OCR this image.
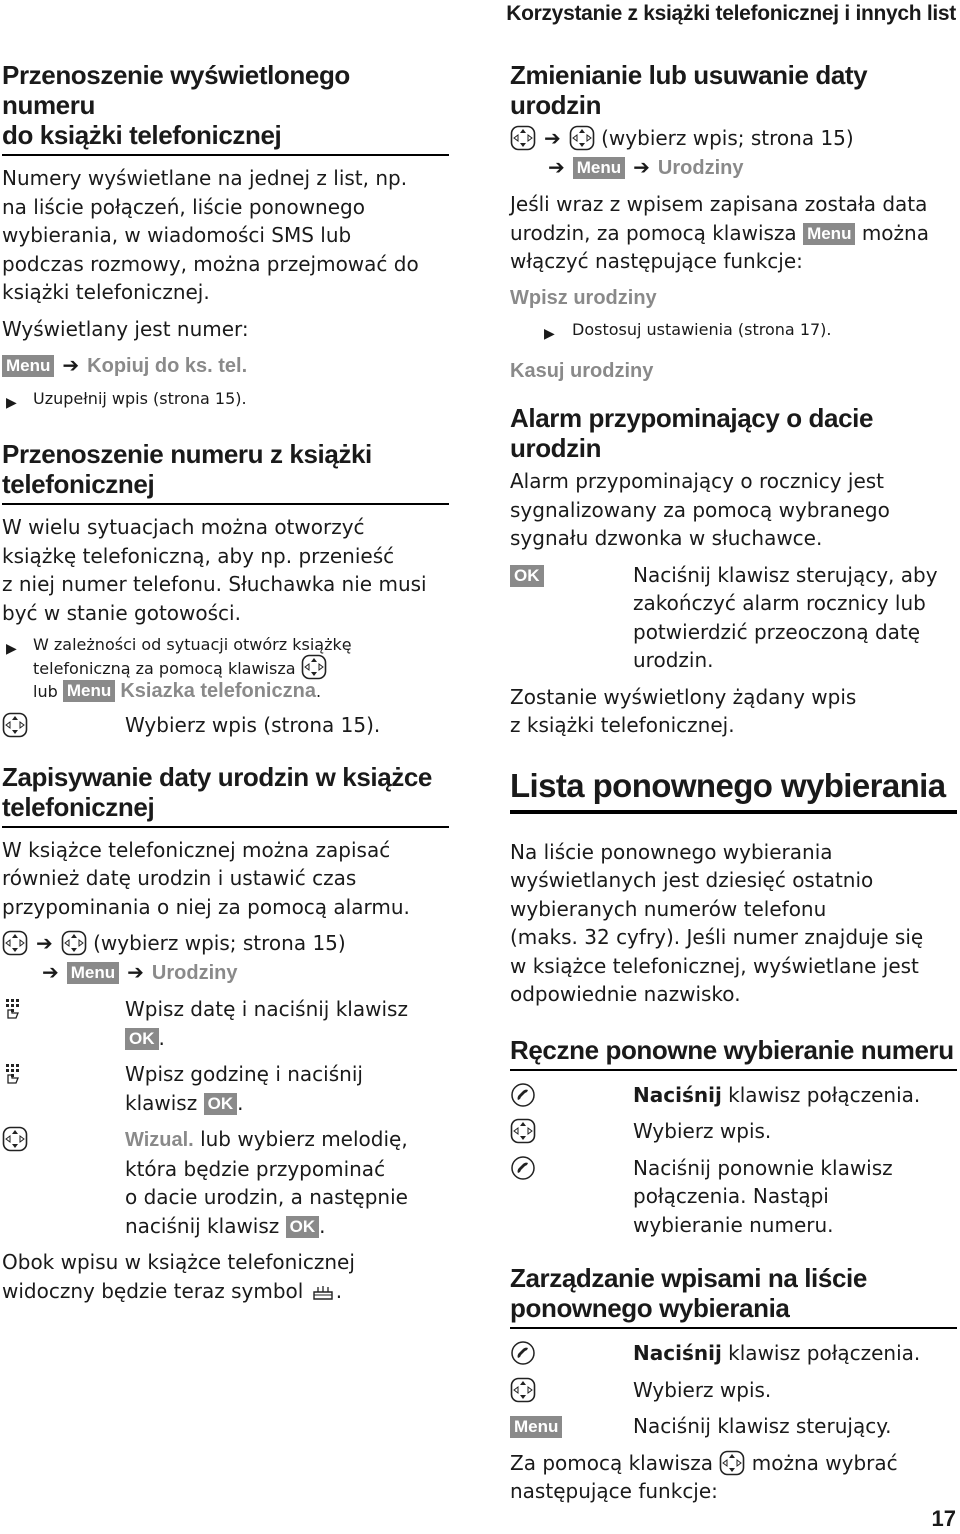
Korzystanie z książki telefonicznej i innych list
Przenoszenie wyświetlonego numeru
do książki telefonicznej

Numery wyświetlane na jednej z list, np.
na liście połączeń, liście ponownego
wybierania, w wiadomości SMS lub
podczas rozmowy, można przejmować do
książki telefonicznej.

Wyświetlany jest numer:

Menu ➔ Kopiuj do ks. tel.

▶	Uzupełnij wpis (strona 15).
Przenoszenie numeru z książki
telefonicznej

W wielu sytuacjach można otworzyć
książkę telefoniczną, aby np. przenieść
z niej numer telefonu. Słuchawka nie musi
być w stanie gotowości.

▶	W zależności od sytuacji otwórz książkę
telefoniczną za pomocą klawisza
lub Menu Ksiazka telefoniczna.
Wybierz wpis (strona 15).
Zapisywanie daty urodzin w książce
telefonicznej

W książce telefonicznej można zapisać
również datę urodzin i ustawić czas
przypominania o niej za pomocą alarmu.

➔ (wybierz wpis; strona 15)
➔ Menu ➔ Urodziny

Wpisz datę i naciśnij klawisz
OK .
Wpisz godzinę i naciśnij
klawisz OK .
Wizual. lub wybierz melodię,
która będzie przypominać
o dacie urodzin, a następnie
naciśnij klawisz OK .

Obok wpisu w książce telefonicznej
widoczny będzie teraz symbol .

Zmienianie lub usuwanie daty urodzin

➔ (wybierz wpis; strona 15)
➔ Menu ➔ Urodziny

Jeśli wraz z wpisem zapisana została data
urodzin, za pomocą klawisza Menu można
włączyć następujące funkcje:

Wpisz urodziny

▶	Dostosuj ustawienia (strona 17).

Kasuj urodziny

Alarm przypominający o dacie urodzin

Alarm przypominający o rocznicy jest
sygnalizowany za pomocą wybranego
sygnału dzwonka w słuchawce.

OK	Naciśnij klawisz sterujący, aby
zakończyć alarm rocznicy lub
potwierdzić przeoczoną datę
urodzin.

Zostanie wyświetlony żądany wpis
z książki telefonicznej.

Lista ponownego wybierania

Na liście ponownego wybierania
wyświetlanych jest dziesięć ostatnio
wybieranych numerów telefonu
(maks. 32 cyfry). Jeśli numer znajduje się
w książce telefonicznej, wyświetlane jest
odpowiednie nazwisko.

Ręczne ponowne wybieranie numeru
Naciśnij klawisz połączenia.
Wybierz wpis.
Naciśnij ponownie klawisz
połączenia. Nastąpi
wybieranie numeru.
Zarządzanie wpisami na liście
ponownego wybierania
Naciśnij klawisz połączenia.
Wybierz wpis.
Menu	Naciśnij klawisz sterujący.

Za pomocą klawisza można wybrać
następujące funkcje:

17
